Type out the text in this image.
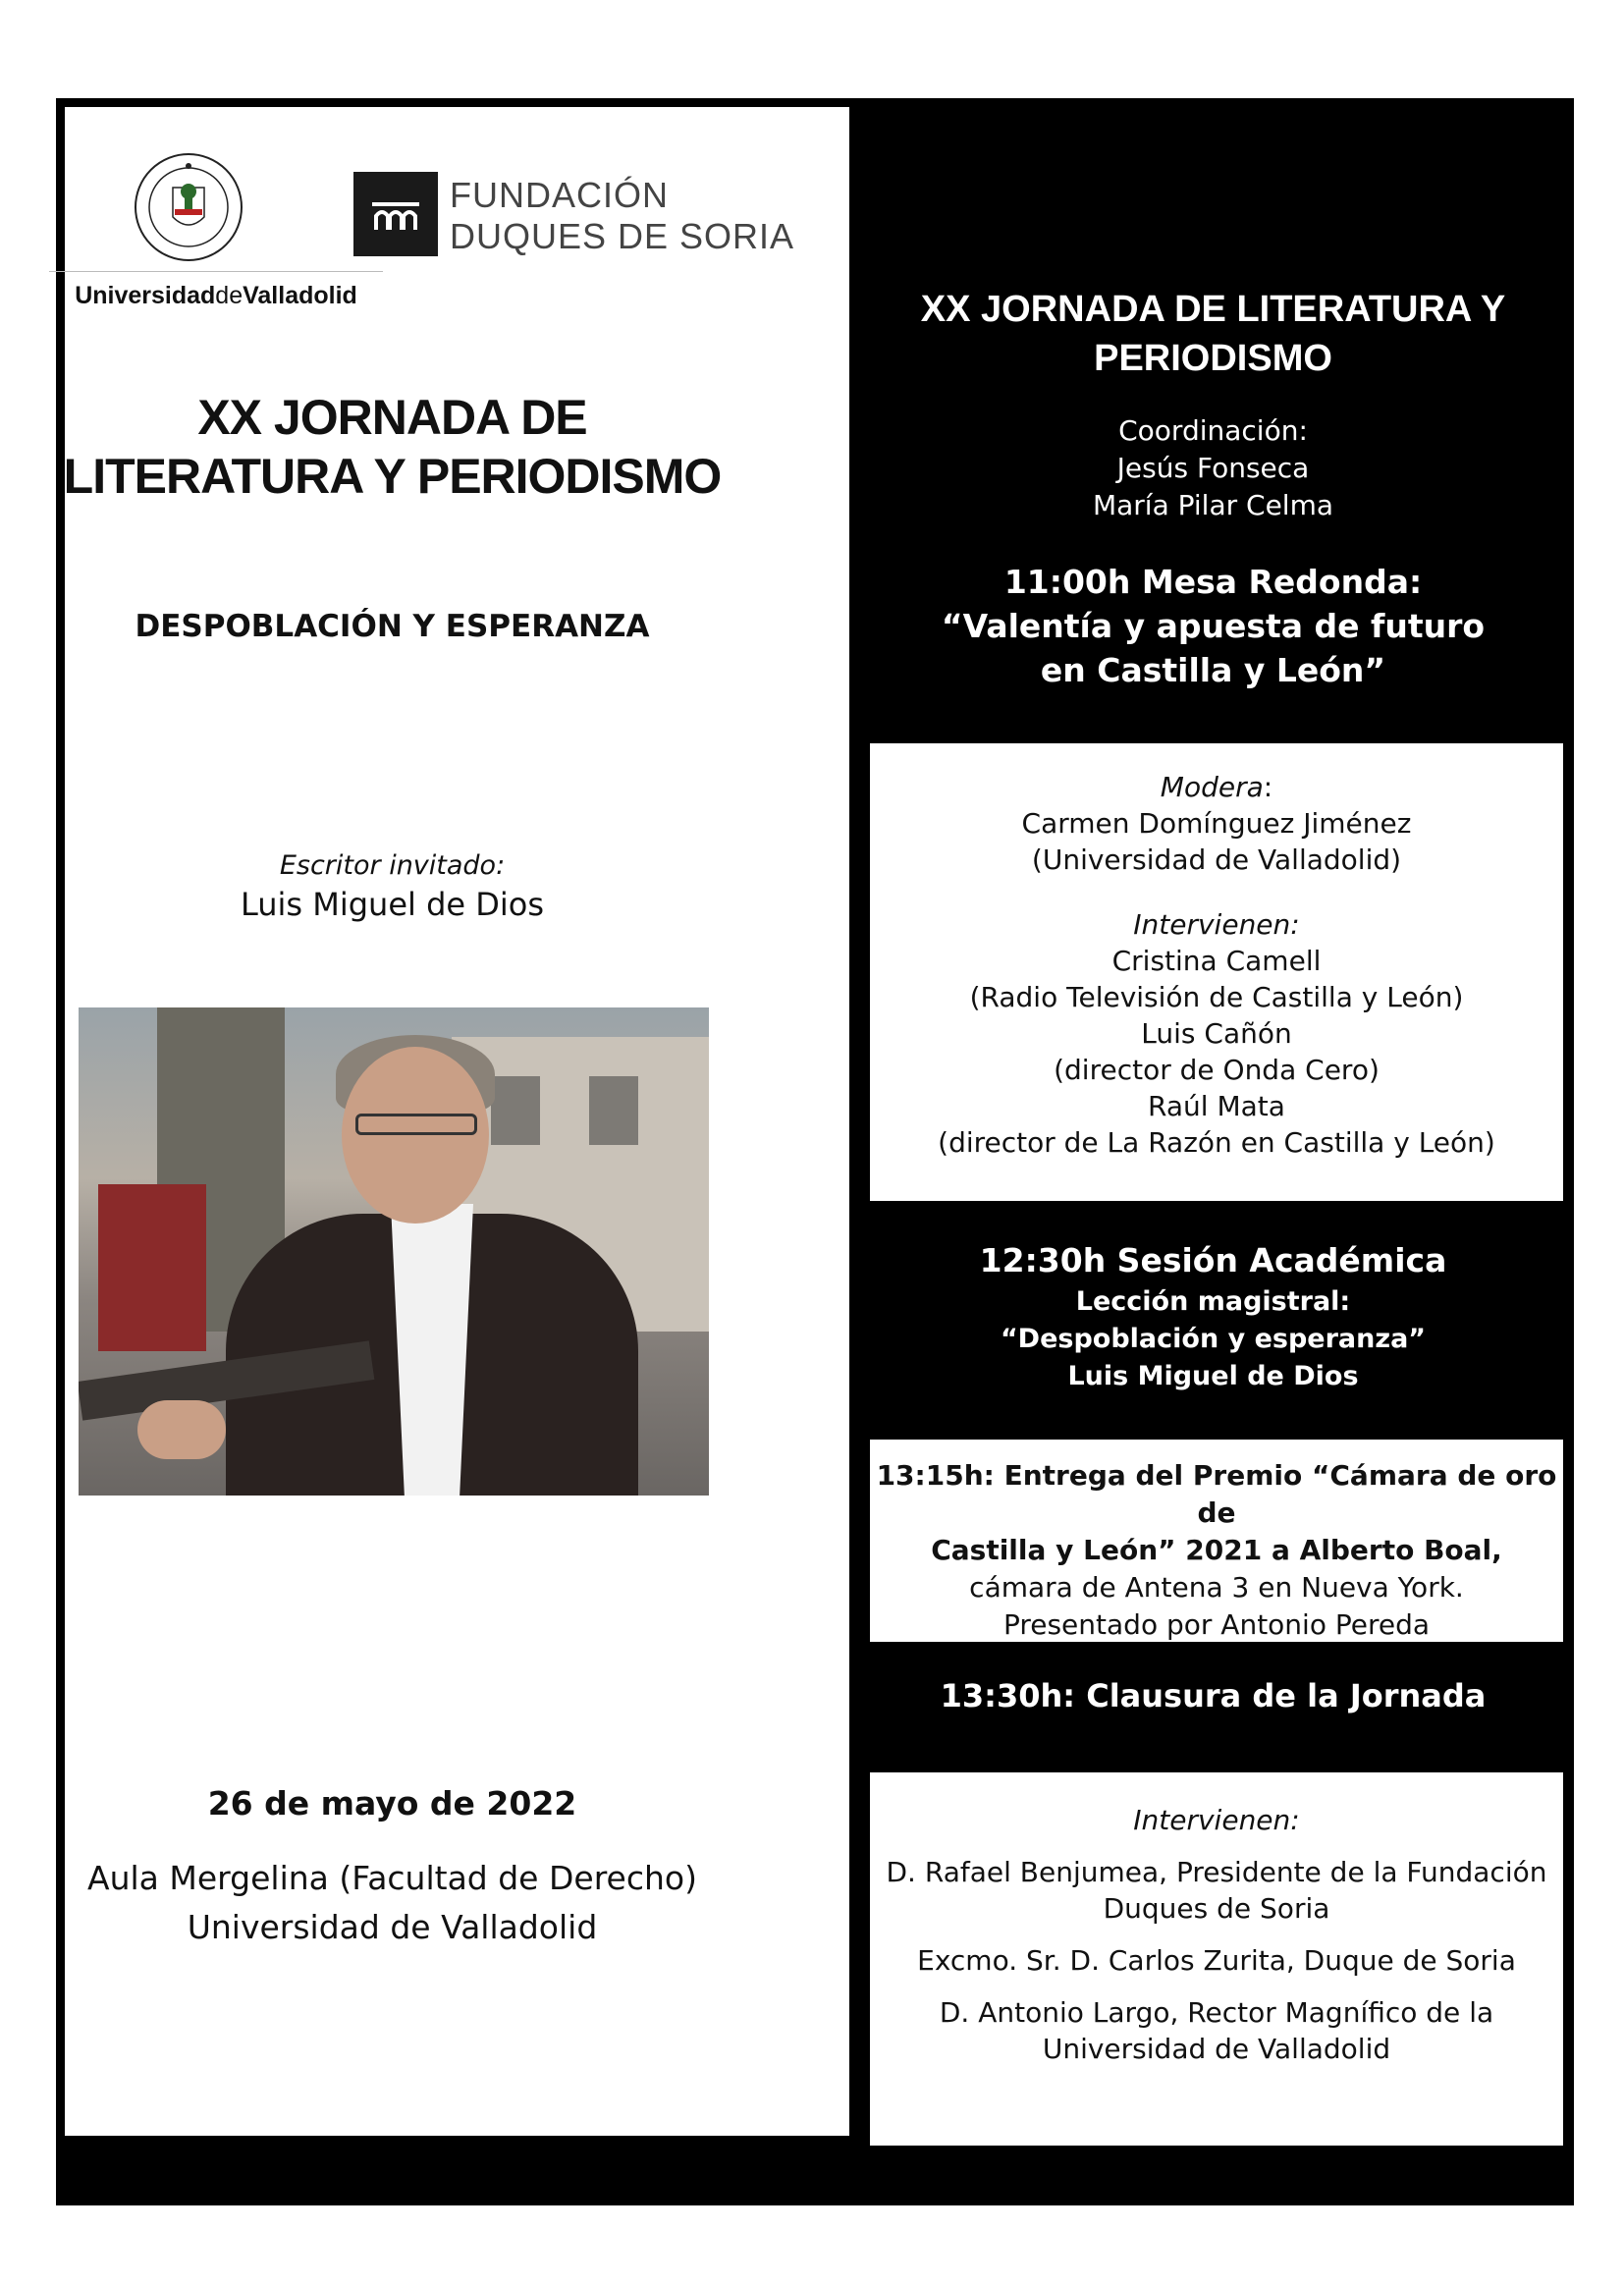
UniversidaddeValladolid
FUNDACIÓN
DUQUES DE SORIA
XX JORNADA DE
LITERATURA Y PERIODISMO
DESPOBLACIÓN Y ESPERANZA
Escritor invitado:
Luis Miguel de Dios
26 de mayo de 2022
Aula Mergelina (Facultad de Derecho)
Universidad de Valladolid
XX JORNADA DE LITERATURA Y
PERIODISMO
Coordinación:
Jesús Fonseca
María Pilar Celma
11:00h Mesa Redonda:
“Valentía y apuesta de futuro
en Castilla y León”

Modera:

Carmen Domínguez Jiménez

(Universidad de Valladolid)

Intervienen:

Cristina Camell

(Radio Televisión de Castilla y León)

Luis Cañón

(director de Onda Cero)

Raúl Mata

(director de La Razón en Castilla y León)

12:30h Sesión Académica
Lección magistral:
“Despoblación y esperanza”
Luis Miguel de Dios

13:15h: Entrega del Premio “Cámara de oro de

Castilla y León” 2021 a Alberto Boal,

cámara de Antena 3 en Nueva York.

Presentado por Antonio Pereda

13:30h: Clausura de la Jornada

Intervienen:

D. Rafael Benjumea, Presidente de la Fundación

Duques de Soria

Excmo. Sr. D. Carlos Zurita, Duque de Soria

D. Antonio Largo, Rector Magnífico de la

Universidad de Valladolid
